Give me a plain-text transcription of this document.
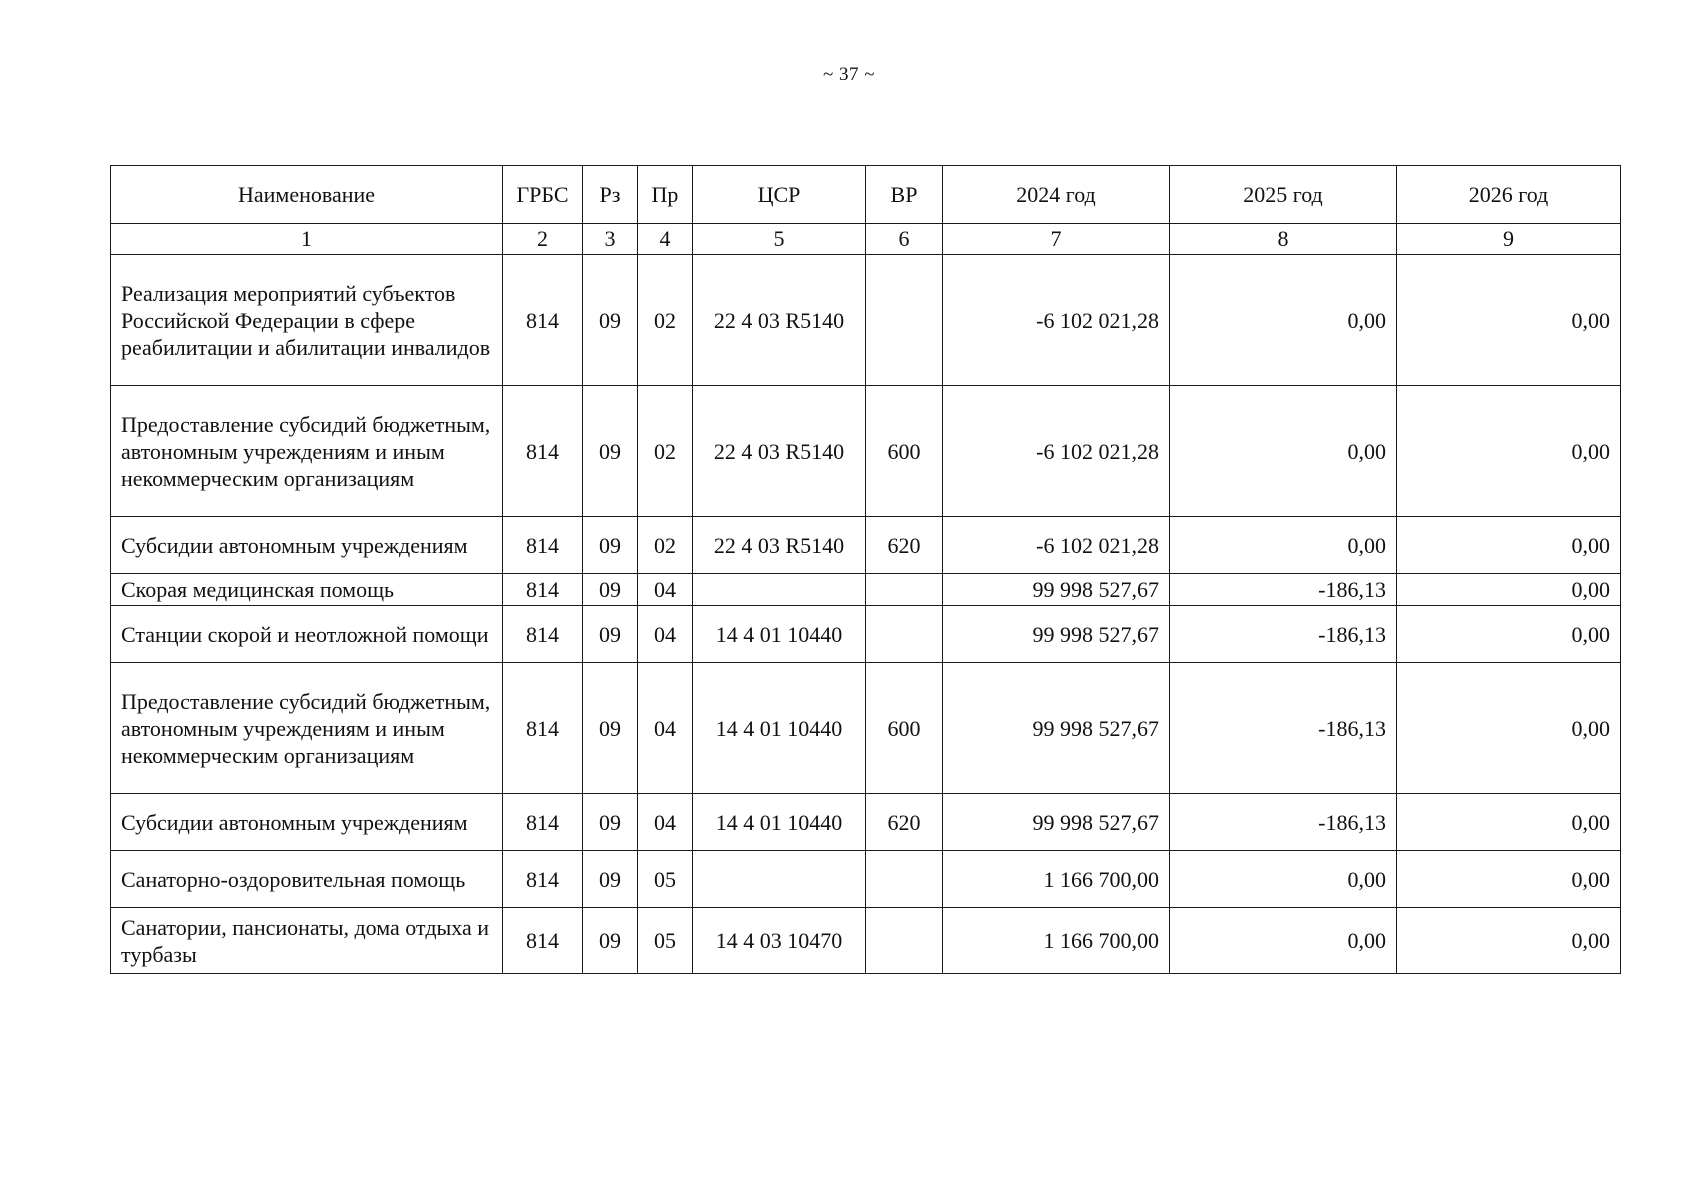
~ 37 ~
Наименование	ГРБС	Рз	Пр	ЦСР	ВР	2024 год	2025 год	2026 год
1	2	3	4	5	6	7	8	9
Реализация мероприятий субъектов Российской Федерации в сфере реабилитации и абилитации инвалидов	814	09	02	22 4 03 R5140		-6 102 021,28	0,00	0,00
Предоставление субсидий бюджетным, автономным учреждениям и иным некоммерческим организациям	814	09	02	22 4 03 R5140	600	-6 102 021,28	0,00	0,00
Субсидии автономным учреждениям	814	09	02	22 4 03 R5140	620	-6 102 021,28	0,00	0,00
Скорая медицинская помощь	814	09	04			99 998 527,67	-186,13	0,00
Станции скорой и неотложной помощи	814	09	04	14 4 01 10440		99 998 527,67	-186,13	0,00
Предоставление субсидий бюджетным, автономным учреждениям и иным некоммерческим организациям	814	09	04	14 4 01 10440	600	99 998 527,67	-186,13	0,00
Субсидии автономным учреждениям	814	09	04	14 4 01 10440	620	99 998 527,67	-186,13	0,00
Санаторно-оздоровительная помощь	814	09	05			1 166 700,00	0,00	0,00
Санатории, пансионаты, дома отдыха и турбазы	814	09	05	14 4 03 10470		1 166 700,00	0,00	0,00
